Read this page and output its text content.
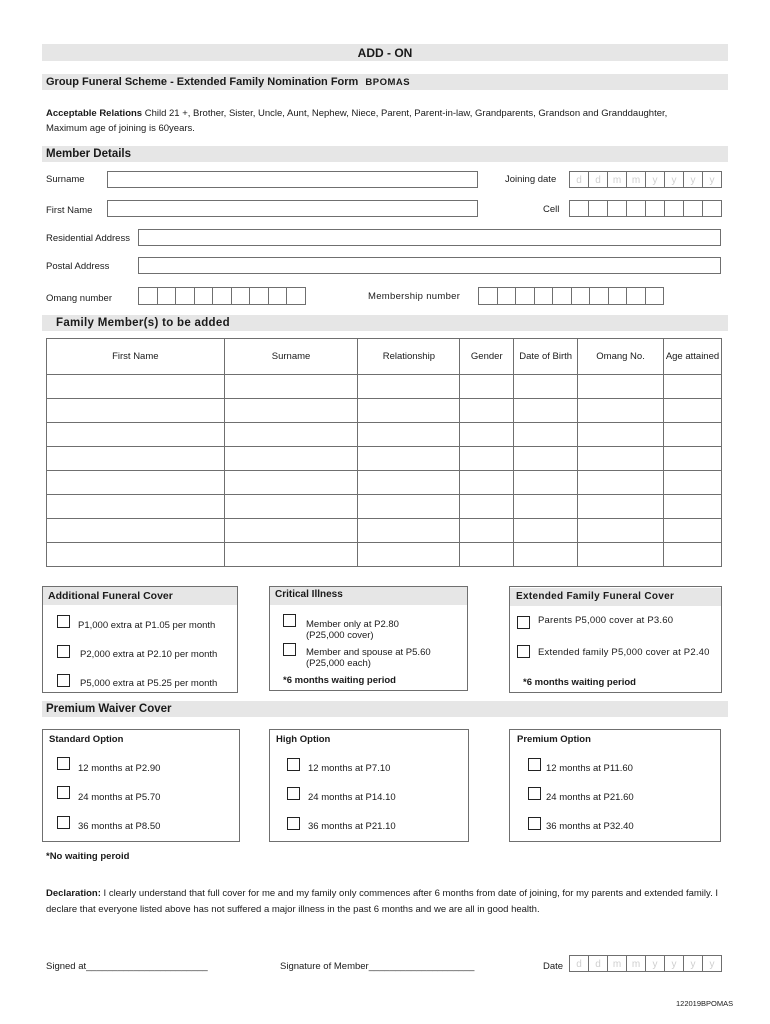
ADD - ON
Group Funeral Scheme - Extended Family Nomination Form BPOMAS
Acceptable Relations Child 21 +, Brother, Sister, Uncle, Aunt, Nephew, Niece, Parent, Parent-in-law, Grandparents, Grandson and Granddaughter,
Maximum age of joining is 60years.
Member Details
Surname	Joining date	d	d	m	m	y	y	y	y
First Name	Cell
Residential Address
Postal Address
Omang number	Membership number
Family Member(s) to be added
First Name	Surname	Relationship	Gender	Date of Birth	Omang No.	Age attained

Additional Funeral Cover
P1,000 extra at P1.05 per month
P2,000 extra at P2.10 per month
P5,000 extra at P5.25 per month
Critical Illness
Member only at P2.80
(P25,000 cover)
Member and spouse at P5.60
(P25,000 each)
*6 months waiting period
Extended Family Funeral Cover
Parents P5,000 cover at P3.60
Extended family P5,000 cover at P2.40
*6 months waiting period
Premium Waiver Cover
Standard Option
12 months at P2.90
24 months at P5.70
36 months at P8.50
High Option
12 months at P7.10
24 months at P14.10
36 months at P21.10
Premium Option
12 months at P11.60
24 months at P21.60
36 months at P32.40
*No waiting peroid
Declaration: I clearly understand that full cover for me and my family only commences after 6 months from date of joining, for my parents and extended family. I declare that everyone listed above has not suffered a major illness in the past 6 months and we are all in good health.
Signed at_______________________	Signature of Member____________________	Date	d	d	m	m	y	y	y	y
122019BPOMAS
